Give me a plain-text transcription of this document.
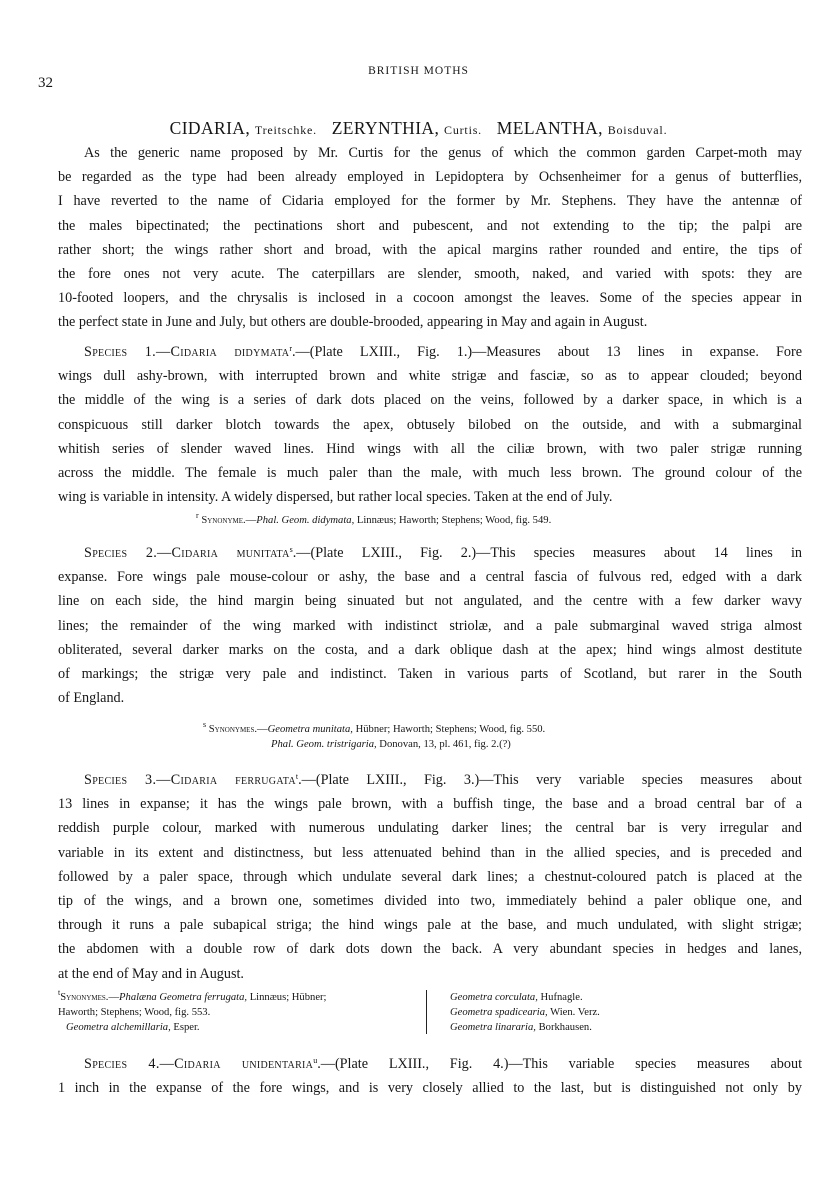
32
BRITISH MOTHS
CIDARIA, Treitschke. ZERYNTHIA, Curtis. MELANTHA, Boisduval.
As the generic name proposed by Mr. Curtis for the genus of which the common garden Carpet-moth may
be regarded as the type had been already employed in Lepidoptera by Ochsenheimer for a genus of butterflies,
I have reverted to the name of Cidaria employed for the former by Mr. Stephens. They have the antennæ of
the males bipectinated; the pectinations short and pubescent, and not extending to the tip; the palpi are
rather short; the wings rather short and broad, with the apical margins rather rounded and entire, the tips of
the fore ones not very acute. The caterpillars are slender, smooth, naked, and varied with spots: they are
10-footed loopers, and the chrysalis is inclosed in a cocoon amongst the leaves. Some of the species appear in
the perfect state in June and July, but others are double-brooded, appearing in May and again in August.
Species 1.—Cidaria didymata$^r$.—(Plate LXIII., Fig. 1.)—Measures about 13 lines in expanse. Fore
wings dull ashy-brown, with interrupted brown and white strigæ and fasciæ, so as to appear clouded; beyond
the middle of the wing is a series of dark dots placed on the veins, followed by a darker space, in which is a
conspicuous still darker blotch towards the apex, obtusely bilobed on the outside, and with a submarginal
whitish series of slender waved lines. Hind wings with all the ciliæ brown, with two paler strigæ running
across the middle. The female is much paler than the male, with much less brown. The ground colour of the
wing is variable in intensity. A widely dispersed, but rather local species. Taken at the end of July.
$^r$ Synonyme.—Phal. Geom. didymata, Linnæus; Haworth; Stephens; Wood, fig. 549.
Species 2.—Cidaria munitata$^s$.—(Plate LXIII., Fig. 2.)—This species measures about 14 lines in
expanse. Fore wings pale mouse-colour or ashy, the base and a central fascia of fulvous red, edged with a dark
line on each side, the hind margin being sinuated but not angulated, and the centre with a few darker wavy
lines; the remainder of the wing marked with indistinct striolæ, and a pale submarginal waved striga almost
obliterated, several darker marks on the costa, and a dark oblique dash at the apex; hind wings almost destitute
of markings; the strigæ very pale and indistinct. Taken in various parts of Scotland, but rarer in the South
of England.
$^s$ Synonymes.—Geometra munitata, Hübner; Haworth; Stephens; Wood, fig. 550.
Phal. Geom. tristrigaria, Donovan, 13, pl. 461, fig. 2.(?)
Species 3.—Cidaria ferrugata$^t$.—(Plate LXIII., Fig. 3.)—This very variable species measures about
13 lines in expanse; it has the wings pale brown, with a buffish tinge, the base and a broad central bar of a
reddish purple colour, marked with numerous undulating darker lines; the central bar is very irregular and
variable in its extent and distinctness, but less attenuated behind than in the allied species, and is preceded and
followed by a paler space, through which undulate several dark lines; a chestnut-coloured patch is placed at the
tip of the wings, and a brown one, sometimes divided into two, immediately behind a paler oblique one, and
through it runs a pale subapical striga; the hind wings pale at the base, and much undulated, with slight strigæ;
the abdomen with a double row of dark dots down the back. A very abundant species in hedges and lanes,
at the end of May and in August.
$^t$Synonymes.—Phalæna Geometra ferrugata, Linnæus; Hübner;
Haworth; Stephens; Wood, fig. 553.
Geometra alchemillaria, Esper.
Geometra corculata, Hufnagle.
Geometra spadicearia, Wien. Verz.
Geometra linararia, Borkhausen.
Species 4.—Cidaria unidentaria$^u$.—(Plate LXIII., Fig. 4.)—This variable species measures about
1 inch in the expanse of the fore wings, and is very closely allied to the last, but is distinguished not only by
